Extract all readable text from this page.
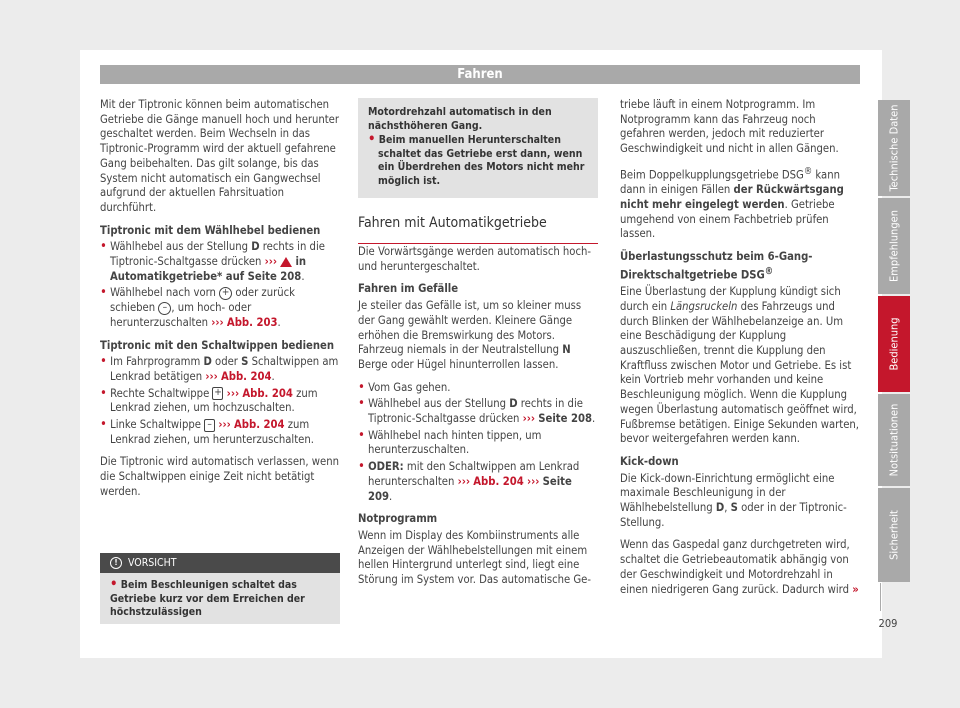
Fahren

Mit der Tiptronic können beim automatischen Getriebe die Gänge manuell hoch und herunter geschaltet werden. Beim Wechseln in das Tiptronic-Programm wird der aktuell gefahrene Gang beibehalten. Das gilt solange, bis das System nicht automatisch ein Gangwechsel aufgrund der aktuellen Fahrsituation durchführt.

Tiptronic mit dem Wählhebel bedienen

• Wählhebel aus der Stellung D rechts in die Tiptronic-Schaltgasse drücken ››› in Automatikgetriebe* auf Seite 208.

• Wählhebel nach vorn + oder zurück schieben – , um hoch- oder herunterzuschalten ››› Abb. 203.

Tiptronic mit den Schaltwippen bedienen

• Im Fahrprogramm D oder S Schaltwippen am Lenkrad betätigen ››› Abb. 204.

• Rechte Schaltwippe + ››› Abb. 204 zum Lenkrad ziehen, um hochzuschalten.

• Linke Schaltwippe – ››› Abb. 204 zum Lenkrad ziehen, um herunterzuschalten.

Die Tiptronic wird automatisch verlassen, wenn die Schaltwippen einige Zeit nicht betätigt werden.

! VORSICHT
• Beim Beschleunigen schaltet das Getriebe kurz vor dem Erreichen der höchstzulässigen

Motordrehzahl automatisch in den nächsthöheren Gang.

• Beim manuellen Herunterschalten schaltet das Getriebe erst dann, wenn ein Überdrehen des Motors nicht mehr möglich ist.

Fahren mit Automatikgetriebe

Die Vorwärtsgänge werden automatisch hoch- und heruntergeschaltet.

Fahren im Gefälle

Je steiler das Gefälle ist, um so kleiner muss der Gang gewählt werden. Kleinere Gänge erhöhen die Bremswirkung des Motors. Fahrzeug niemals in der Neutralstellung N Berge oder Hügel hinunterrollen lassen.

• Vom Gas gehen.

• Wählhebel aus der Stellung D rechts in die Tiptronic-Schaltgasse drücken ››› Seite 208.

• Wählhebel nach hinten tippen, um herunterzuschalten.

• ODER: mit den Schaltwippen am Lenkrad herunterschalten ››› Abb. 204 ››› Seite 209.

Notprogramm

Wenn im Display des Kombiinstruments alle Anzeigen der Wählhebelstellungen mit einem hellen Hintergrund unterlegt sind, liegt eine Störung im System vor. Das automatische Ge-

triebe läuft in einem Notprogramm. Im Notprogramm kann das Fahrzeug noch gefahren werden, jedoch mit reduzierter Geschwindigkeit und nicht in allen Gängen.

Beim Doppelkupplungsgetriebe DSG® kann dann in einigen Fällen der Rückwärtsgang nicht mehr eingelegt werden. Getriebe umgehend von einem Fachbetrieb prüfen lassen.

Überlastungsschutz beim 6-Gang-Direktschaltgetriebe DSG®

Eine Überlastung der Kupplung kündigt sich durch ein Längsruckeln des Fahrzeugs und durch Blinken der Wählhebelanzeige an. Um eine Beschädigung der Kupplung auszuschließen, trennt die Kupplung den Kraftfluss zwischen Motor und Getriebe. Es ist kein Vortrieb mehr vorhanden und keine Beschleunigung möglich. Wenn die Kupplung wegen Überlastung automatisch geöffnet wird, Fußbremse betätigen. Einige Sekunden warten, bevor weitergefahren werden kann.

Kick-down

Die Kick-down-Einrichtung ermöglicht eine maximale Beschleunigung in der Wählhebelstellung D, S oder in der Tiptronic-Stellung.

Wenn das Gaspedal ganz durchgetreten wird, schaltet die Getriebeautomatik abhängig von der Geschwindigkeit und Motordrehzahl in einen niedrigeren Gang zurück. Dadurch wird »

Technische Daten
Empfehlungen
Bedienung
Notsituationen
Sicherheit
209
